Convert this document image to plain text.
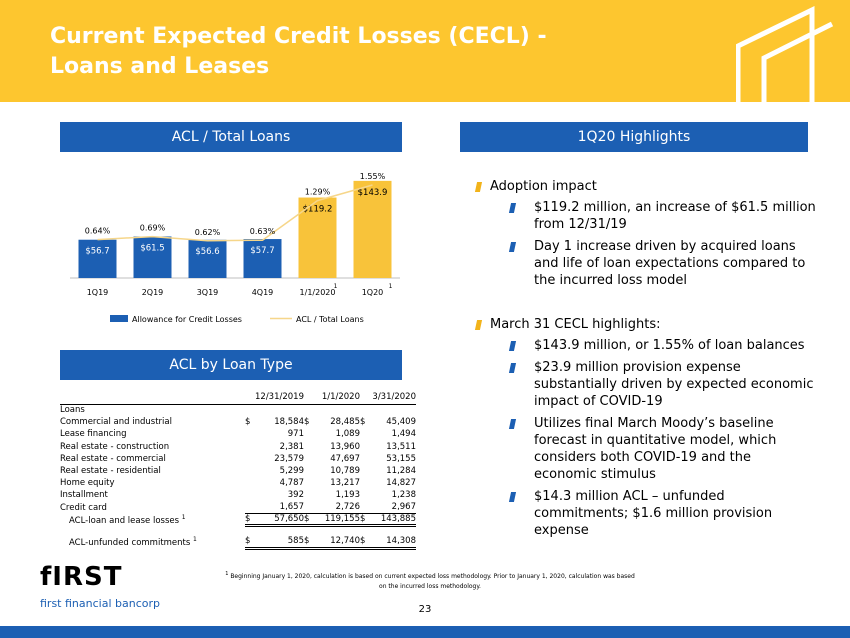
Current Expected Credit Losses (CECL) -
Loans and Leases
ACL / Total Loans	1Q20 Highlights
ACL by Loan Type
$56.7	$61.5	$56.6	$57.7
$119.2
$143.9
0.64%	0.69%	0.62%	0.63%
1.29%
1.55%
1Q19	2Q19	3Q19	4Q19	1/1/2020
1
1Q20
1
Allowance for Credit Losses	ACL / Total Loans
		12/31/2019		1/1/2020		3/31/2020
Loans						
Commercial and industrial	$	18,584	$	28,485	$	45,409
Lease financing		971		1,089		1,494
Real estate - construction		2,381		13,960		13,511
Real estate - commercial		23,579		47,697		53,155
Real estate - residential		5,299		10,789		11,284
Home equity		4,787		13,217		14,827
Installment		392		1,193		1,238
Credit card		1,657		2,726		2,967
ACL-loan and lease losses $^1$	$	57,650	$	119,155	$	143,885

ACL-unfunded commitments $^1$	$	585	$	12,740	$	14,308
$^1$ Beginning January 1, 2020, calculation is based on current expected loss methodology. Prior to January 1, 2020, calculation was based
on the incurred loss methodology.
23
fIRST
first financial bancorp
Adoption impact
$119.2 million, an increase of $61.5 million from 12/31/19
Day 1 increase driven by acquired loans and life of loan expectations compared to the incurred loss model
March 31 CECL highlights:
$143.9 million, or 1.55% of loan balances
$23.9 million provision expense substantially driven by expected economic impact of COVID-19
Utilizes final March Moody’s baseline forecast in quantitative model, which considers both COVID-19 and the economic stimulus
$14.3 million ACL – unfunded commitments; $1.6 million provision expense
